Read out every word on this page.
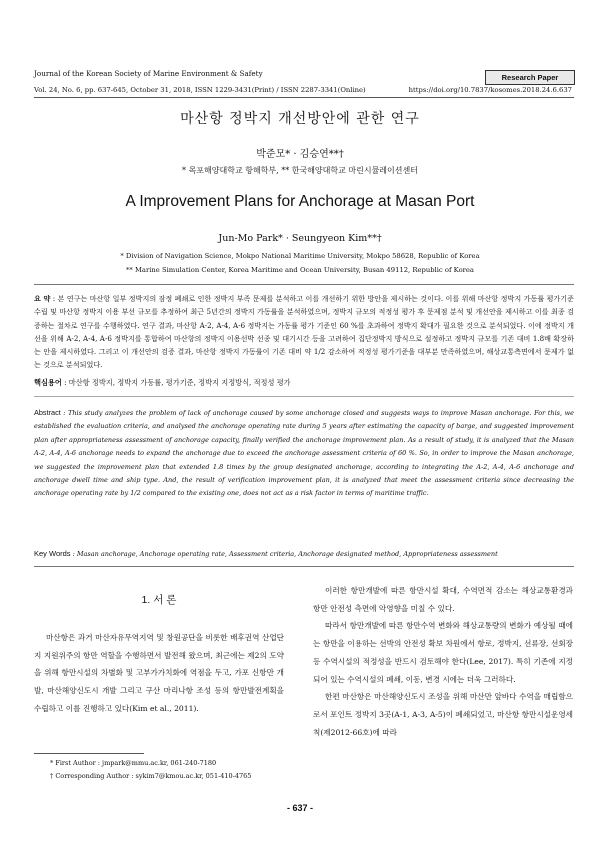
Journal of the Korean Society of Marine Environment & Safety	Research Paper
Vol. 24, No. 6, pp. 637-645, October 31, 2018, ISSN 1229-3431(Print) / ISSN 2287-3341(Online)	https://doi.org/10.7837/kosomes.2018.24.6.637
마산항 정박지 개선방안에 관한 연구
박준모* · 김승연**†
* 목포해양대학교 항해학부, ** 한국해양대학교 마린시뮬레이션센터
A Improvement Plans for Anchorage at Masan Port
Jun-Mo Park* · Seungyeon Kim**†
* Division of Navigation Science, Mokpo National Maritime University, Mokpo 58628, Republic of Korea
** Marine Simulation Center, Korea Maritime and Ocean University, Busan 49112, Republic of Korea
요 약 : 본 연구는 마산항 일부 정박지의 잠정 폐쇄로 인한 정박지 부족 문제를 분석하고 이를 개선하기 위한 방안을 제시하는 것이다. 이를 위해 마산항 정박지 가동률 평가기준 수립 및 마산항 정박지 이용 부선 규모를 추정하여 최근 5년간의 정박지 가동률을 분석하였으며, 정박지 규모의 적정성 평가 후 문제점 분석 및 개선안을 제시하고 이를 최종 검증하는 절차로 연구를 수행하였다. 연구 결과, 마산항 A-2, A-4, A-6 정박지는 가동률 평가 기준인 60 %를 초과하여 정박지 확대가 필요한 것으로 분석되었다. 이에 정박지 개선을 위해 A-2, A-4, A-6 정박지를 통합하여 마산항의 정박지 이용선박 선종 및 대기시간 등을 고려하여 집단정박지 방식으로 설정하고 정박지 규모를 기존 대비 1.8배 확장하는 안을 제시하였다. 그리고 이 개선안의 검증 결과, 마산항 정박지 가동률이 기존 대비 약 1/2 감소하여 적정성 평가기준을 대부분 만족하였으며, 해상교통측면에서 문제가 없는 것으로 분석되었다.
핵심용어 : 마산항 정박지, 정박지 가동률, 평가기준, 정박지 지정방식, 적정성 평가
Abstract : This study analyzes the problem of lack of anchorage caused by some anchorage closed and suggests ways to improve Masan anchorage. For this, we established the evaluation criteria, and analysed the anchorage operating rate during 5 years after estimating the capacity of barge, and suggested improvement plan after appropriateness assessment of anchorage capacity, finally verified the anchorage improvement plan. As a result of study, it is analyzed that the Masan A-2, A-4, A-6 anchorage needs to expand the anchorage due to exceed the anchorage assessment criteria of 60 %. So, in order to improve the Masan anchorage, we suggested the improvement plan that extended 1.8 times by the group designated anchorage, according to integrating the A-2, A-4, A-6 anchorage and anchorage dwell time and ship type. And, the result of verification improvement plan, it is analyzed that meet the assessment criteria since decreasing the anchorage operating rate by 1/2 compared to the existing one, does not act as a risk factor in terms of maritime traffic.
Key Words : Masan anchorage, Anchorage operating rate, Assessment criteria, Anchorage designated method, Appropriateness assessment
1. 서 론
마산항은 과거 마산자유무역지역 및 창원공단을 비롯한 배후권역 산업단지 지원위주의 항만 역할을 수행하면서 발전해 왔으며, 최근에는 제2의 도약을 위해 항만시설의 차별화 및 고부가가치화에 역점을 두고, 가포 신항만 개발, 마산해양신도시 개발 그리고 구산 마리나항 조성 등의 항만발전계획을 수립하고 이를 진행하고 있다(Kim et al., 2011).
이러한 항만개발에 따른 항만시설 확대, 수역면적 감소는 해상교통환경과 항만 안전성 측면에 악영향을 미칠 수 있다.
따라서 항만개발에 따른 항만수역 변화와 해상교통량의 변화가 예상될 때에는 항만을 이용하는 선박의 안전성 확보 차원에서 항로, 정박지, 선류장, 선회장 등 수역시설의 적정성을 반드시 검토해야 한다(Lee, 2017). 특히 기존에 지정되어 있는 수역시설의 폐쇄, 이동, 변경 시에는 더욱 그러하다.
한편 마산항은 마산해양신도시 조성을 위해 마산만 앞바다 수역을 매립함으로서 포인트 정박지 3곳(A-1, A-3, A-5)이 폐쇄되었고, 마산항 항만시설운영세칙(제2012-66호)에 따라
* First Author : jmpark@mmu.ac.kr, 061-240-7180
† Corresponding Author : sykim7@kmou.ac.kr, 051-410-4765
- 637 -
